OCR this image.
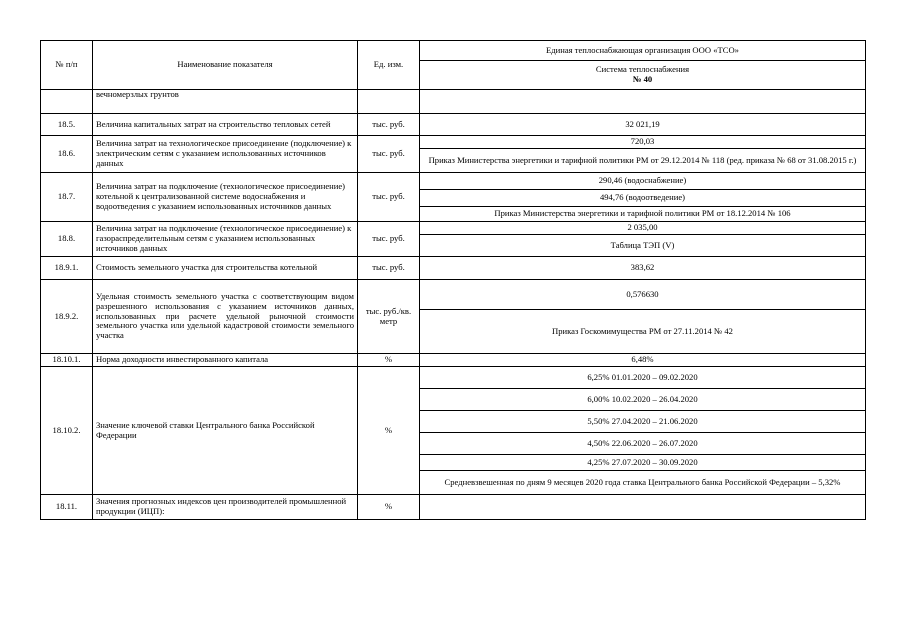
№ п/п	Наименование показателя	Ед. изм.	Единая теплоснабжающая организация ООО «ТСО»
			Система теплоснабжения
№ 40
	вечномерзлых грунтов		
18.5.	Величина капитальных затрат на строительство тепловых сетей	тыс. руб.	32 021,19
18.6.	Величина затрат на технологическое присоединение (подключение) к электрическим сетям с указанием использованных источников данных	тыс. руб.	720,03
			Приказ Министерства энергетики и тарифной политики РМ от 29.12.2014 № 118 (ред. приказа № 68 от 31.08.2015 г.)
18.7.	Величина затрат на подключение (технологическое присоединение) котельной к централизованной системе водоснабжения и водоотведения с указанием использованных источников данных	тыс. руб.	290,46 (водоснабжение)
			494,76 (водоотведение)
			Приказ Министерства энергетики и тарифной политики РМ от 18.12.2014 № 106
18.8.	Величина затрат на подключение (технологическое присоединение) к газораспределительным сетям с указанием использованных источников данных	тыс. руб.	2 035,00
			Таблица ТЭП (V)
18.9.1.	Стоимость земельного участка для строительства котельной	тыс. руб.	383,62
18.9.2.	Удельная стоимость земельного участка с соответствующим видом разрешенного использования с указанием источников данных, использованных при расчете удельной рыночной стоимости земельного участка или удельной кадастровой стоимости земельного участка	тыс. руб./кв. метр	0,576630
			Приказ Госкомимущества РМ от 27.11.2014 № 42
18.10.1.	Норма доходности инвестированного капитала	%	6,48%
18.10.2.	Значение ключевой ставки Центрального банка Российской Федерации	%	6,25% 01.01.2020 – 09.02.2020
			6,00% 10.02.2020 – 26.04.2020
			5,50% 27.04.2020 – 21.06.2020
			4,50% 22.06.2020 – 26.07.2020
			4,25% 27.07.2020 – 30.09.2020
			Средневзвешенная по дням 9 месяцев 2020 года ставка Центрального банка Российской Федерации – 5,32%
18.11.	Значения прогнозных индексов цен производителей промышленной продукции (ИЦП):	%	
